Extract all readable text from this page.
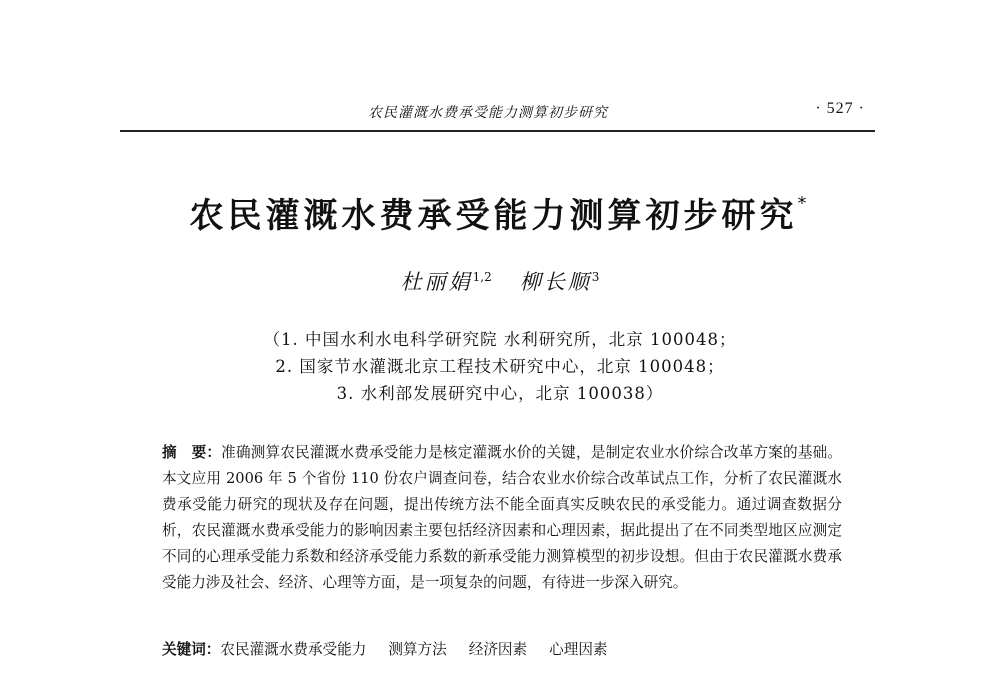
农民灌溉水费承受能力测算初步研究	· 527 ·
农民灌溉水费承受能力测算初步研究*
杜丽娟$^{1,2}$ 柳长顺$^3$
（1. 中国水利水电科学研究院 水利研究所，北京 100048；
2. 国家节水灌溉北京工程技术研究中心，北京 100048；
3. 水利部发展研究中心，北京 100038）
摘　要：准确测算农民灌溉水费承受能力是核定灌溉水价的关键，是制定农业水价综合改革方案的基础。本文应用 2006 年 5 个省份 110 份农户调查问卷，结合农业水价综合改革试点工作，分析了农民灌溉水费承受能力研究的现状及存在问题，提出传统方法不能全面真实反映农民的承受能力。通过调查数据分析，农民灌溉水费承受能力的影响因素主要包括经济因素和心理因素，据此提出了在不同类型地区应测定不同的心理承受能力系数和经济承受能力系数的新承受能力测算模型的初步设想。但由于农民灌溉水费承受能力涉及社会、经济、心理等方面，是一项复杂的问题，有待进一步深入研究。
关键词：农民灌溉水费承受能力 测算方法 经济因素 心理因素
